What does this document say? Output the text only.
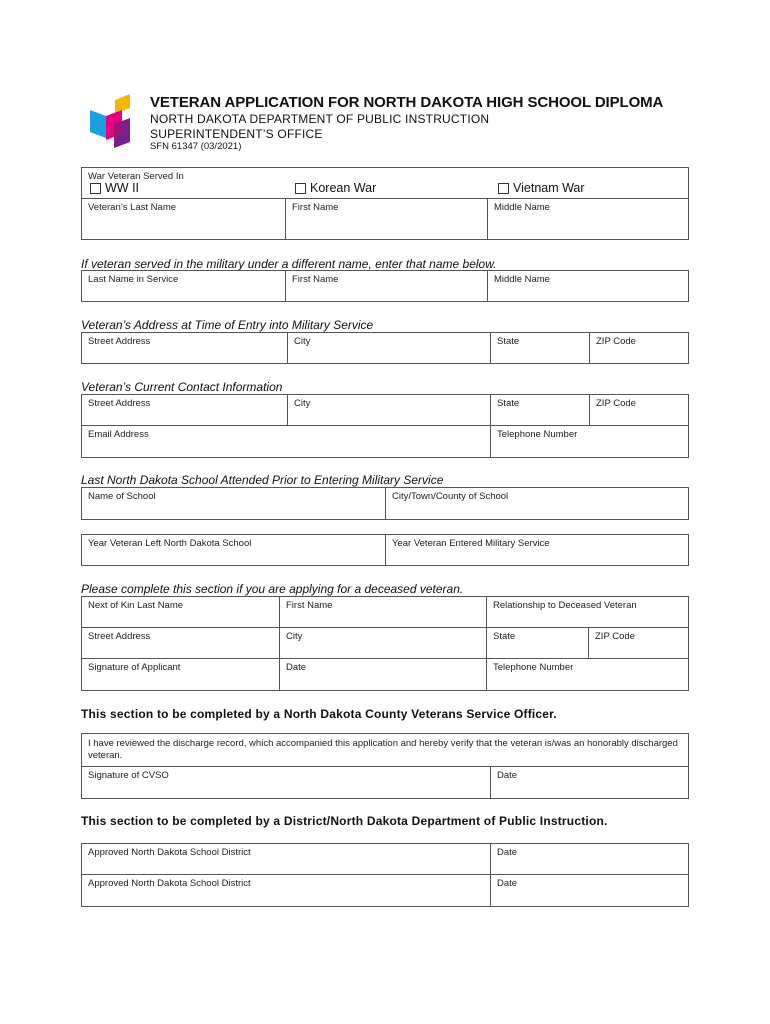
VETERAN APPLICATION FOR NORTH DAKOTA HIGH SCHOOL DIPLOMA
NORTH DAKOTA DEPARTMENT OF PUBLIC INSTRUCTION
SUPERINTENDENT’S OFFICE
SFN 61347 (03/2021)
War Veteran Served In
WW II	Korean War	Vietnam War
Veteran’s Last Name	First Name	Middle Name
If veteran served in the military under a different name, enter that name below.
Last Name in Service	First Name	Middle Name
Veteran’s Address at Time of Entry into Military Service
Street Address	City	State	ZIP Code
Veteran’s Current Contact Information
Street Address	City	State	ZIP Code
Email Address	Telephone Number
Last North Dakota School Attended Prior to Entering Military Service
Name of School	City/Town/County of School
Year Veteran Left North Dakota School	Year Veteran Entered Military Service
Please complete this section if you are applying for a deceased veteran.
Next of Kin Last Name	First Name	Relationship to Deceased Veteran
Street Address	City	State	ZIP Code
Signature of Applicant	Date	Telephone Number
This section to be completed by a North Dakota County Veterans Service Officer.
I have reviewed the discharge record, which accompanied this application and hereby verify that the veteran is/was an honorably discharged veteran.
Signature of CVSO	Date
This section to be completed by a District/North Dakota Department of Public Instruction.
Approved North Dakota School District	Date
Approved North Dakota School District	Date
